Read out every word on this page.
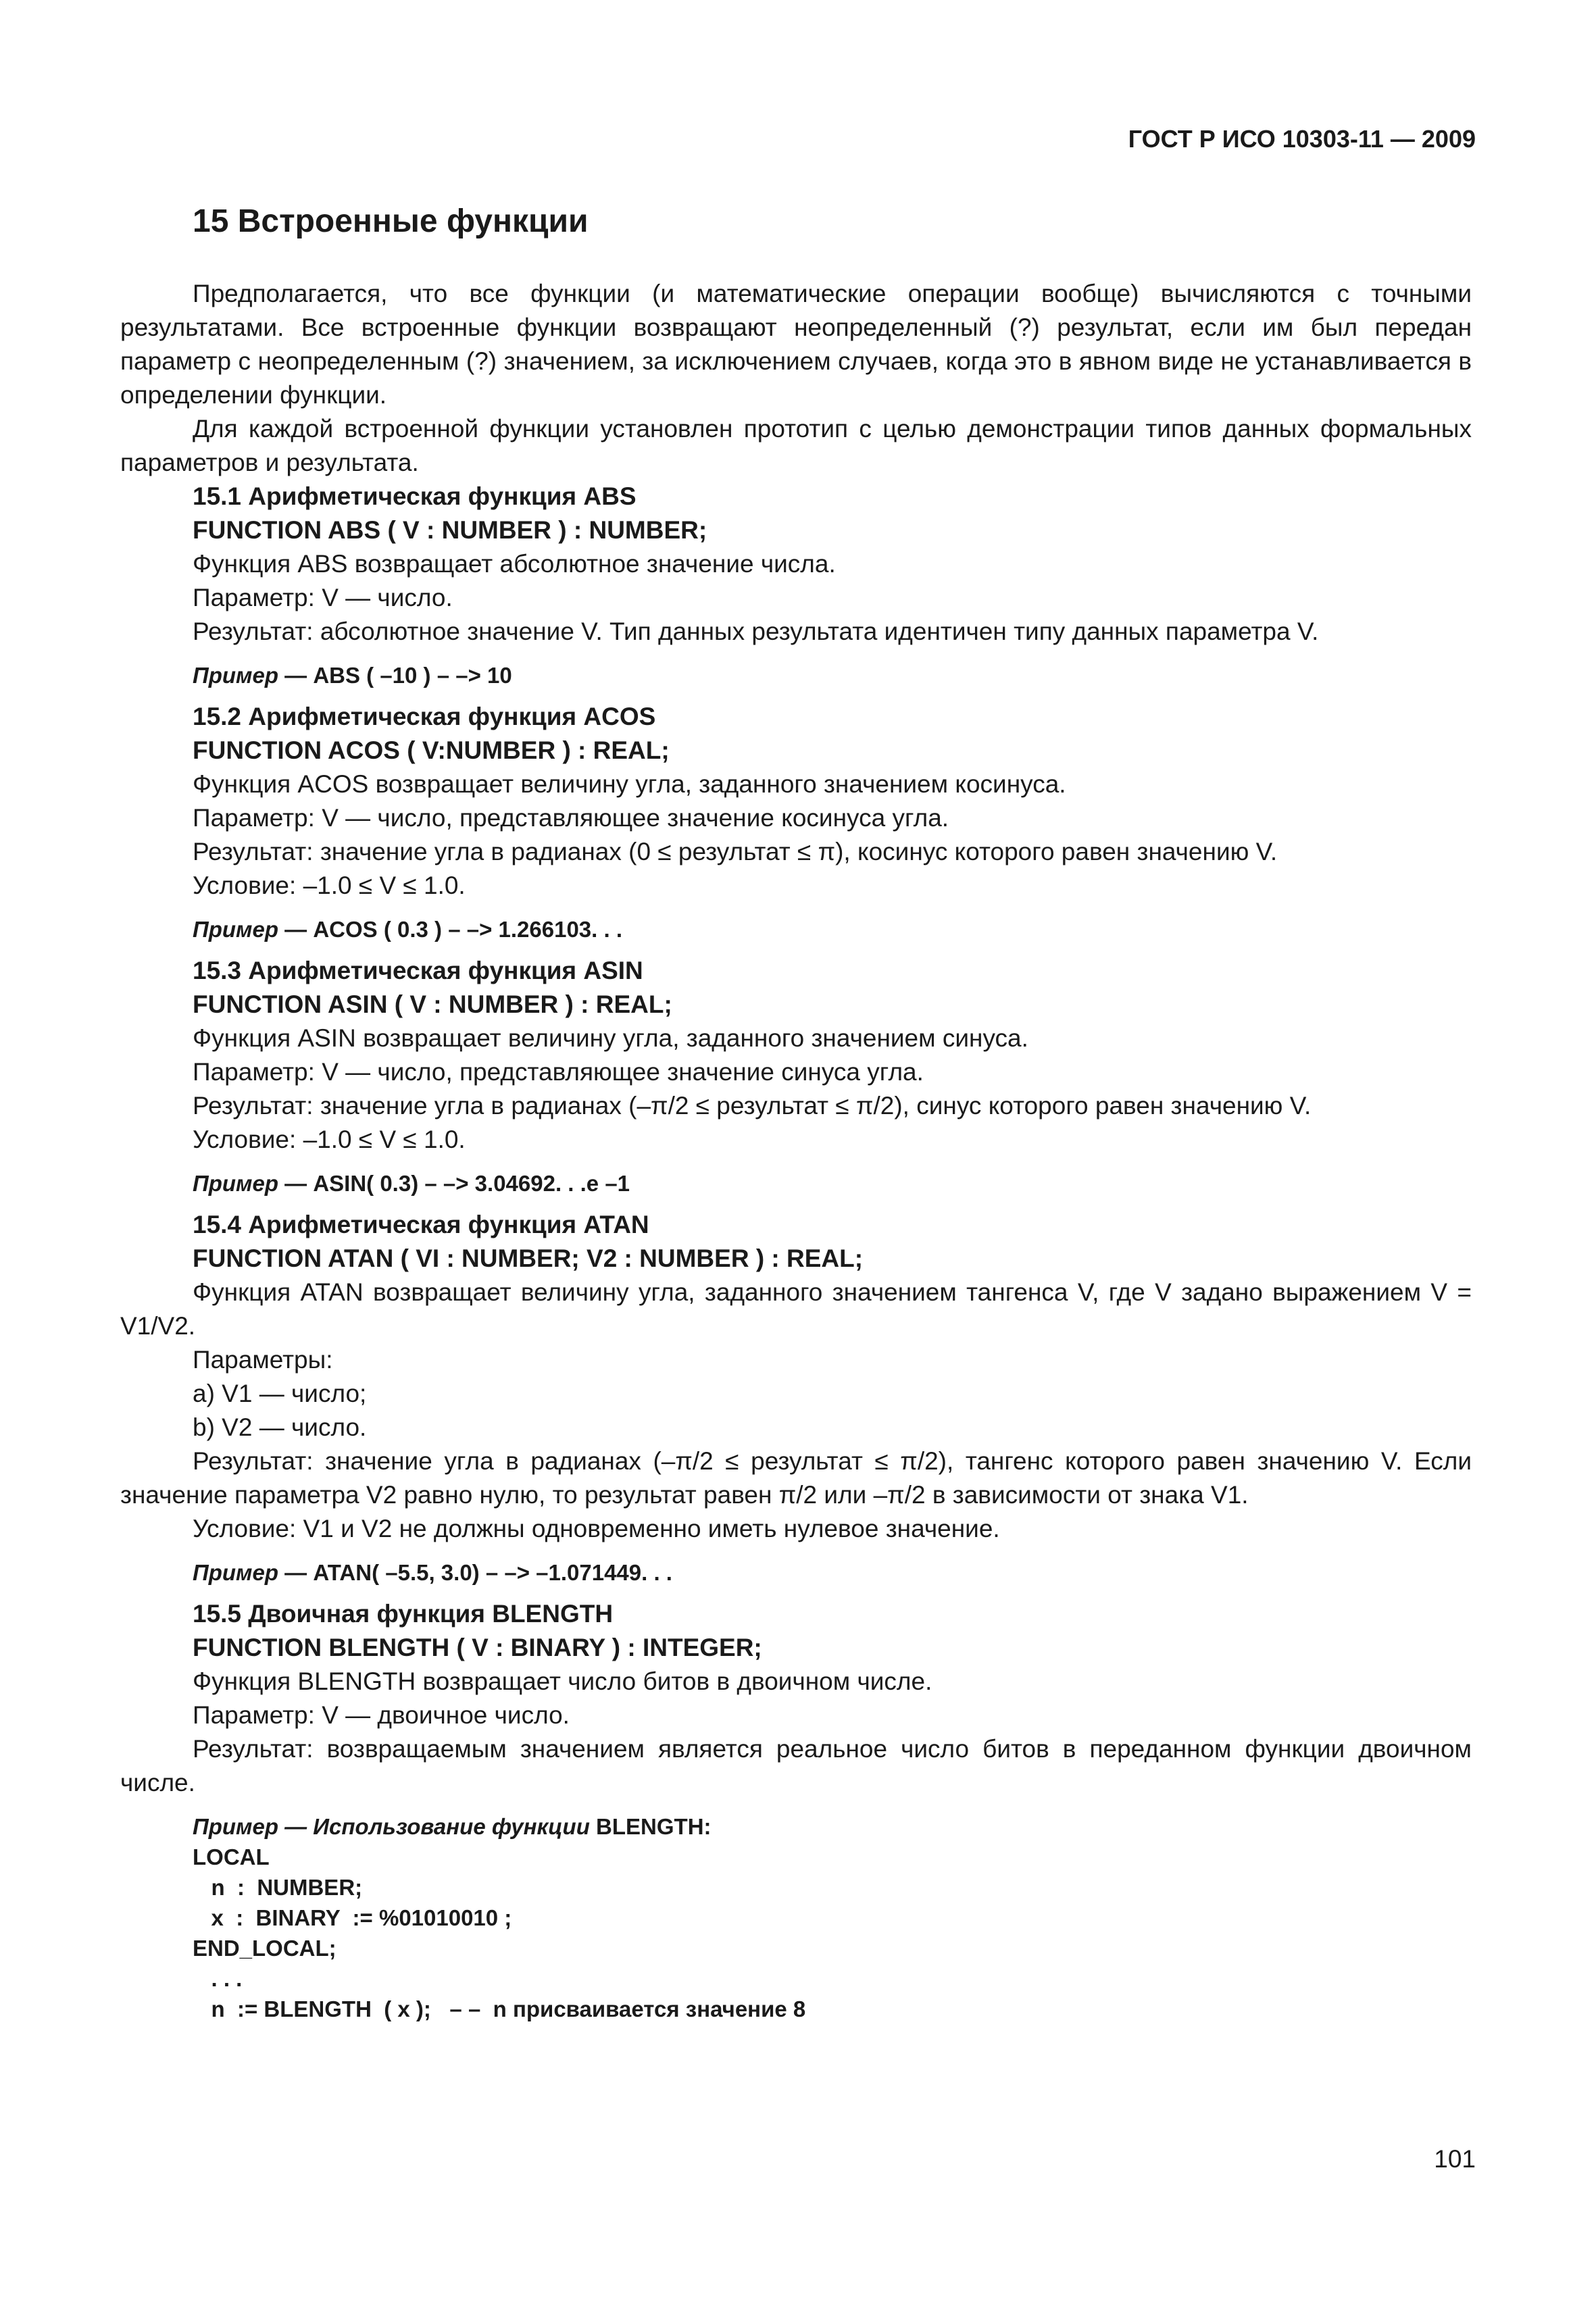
ГОСТ Р ИСО 10303-11 — 2009
15 Встроенные функции

Предполагается, что все функции (и математические операции вообще) вычисляются с точными результатами. Все встроенные функции возвращают неопределенный (?) результат, если им был передан параметр с неопределенным (?) значением, за исключением случаев, когда это в явном виде не устанавливается в определении функции.

Для каждой встроенной функции установлен прототип с целью демонстрации типов данных формальных параметров и результата.

15.1 Арифметическая функция ABS
FUNCTION ABS ( V : NUMBER ) : NUMBER;
Функция ABS возвращает абсолютное значение числа.
Параметр: V — число.
Результат: абсолютное значение V. Тип данных результата идентичен типу данных параметра V.
Пример — ABS ( –10 ) – –> 10
15.2 Арифметическая функция ACOS
FUNCTION ACOS ( V:NUMBER ) : REAL;
Функция ACOS возвращает величину угла, заданного значением косинуса.
Параметр: V — число, представляющее значение косинуса угла.
Результат: значение угла в радианах (0 ≤ результат ≤ π), косинус которого равен значению V.
Условие: –1.0 ≤ V ≤ 1.0.
Пример — ACOS ( 0.3 ) – –> 1.266103. . .
15.3 Арифметическая функция ASIN
FUNCTION ASIN ( V : NUMBER ) : REAL;
Функция ASIN возвращает величину угла, заданного значением синуса.
Параметр: V — число, представляющее значение синуса угла.
Результат: значение угла в радианах (–π/2 ≤ результат ≤ π/2), синус которого равен значению V.
Условие: –1.0 ≤ V ≤ 1.0.
Пример — ASIN( 0.3) – –> 3.04692. . .e –1
15.4 Арифметическая функция ATAN
FUNCTION ATAN ( VI : NUMBER; V2 : NUMBER ) : REAL;

Функция ATAN возвращает величину угла, заданного значением тангенса V, где V задано выражением V = V1/V2.

Параметры:
а) V1 — число;
b) V2 — число.

Результат: значение угла в радианах (–π/2 ≤ результат ≤ π/2), тангенс которого равен значению V. Если значение параметра V2 равно нулю, то результат равен π/2 или –π/2 в зависимости от знака V1.

Условие: V1 и V2 не должны одновременно иметь нулевое значение.
Пример — ATAN( –5.5, 3.0) – –> –1.071449. . .
15.5 Двоичная функция BLENGTH
FUNCTION BLENGTH ( V : BINARY ) : INTEGER;
Функция BLENGTH возвращает число битов в двоичном числе.
Параметр: V — двоичное число.

Результат: возвращаемым значением является реальное число битов в переданном функции двоичном числе.

Пример — Использование функции BLENGTH:
LOCAL
n  :  NUMBER;
x  :  BINARY  := %01010010 ;
END_LOCAL;
. . .
n  := BLENGTH  ( x );   – –  n присваивается значение 8
101
